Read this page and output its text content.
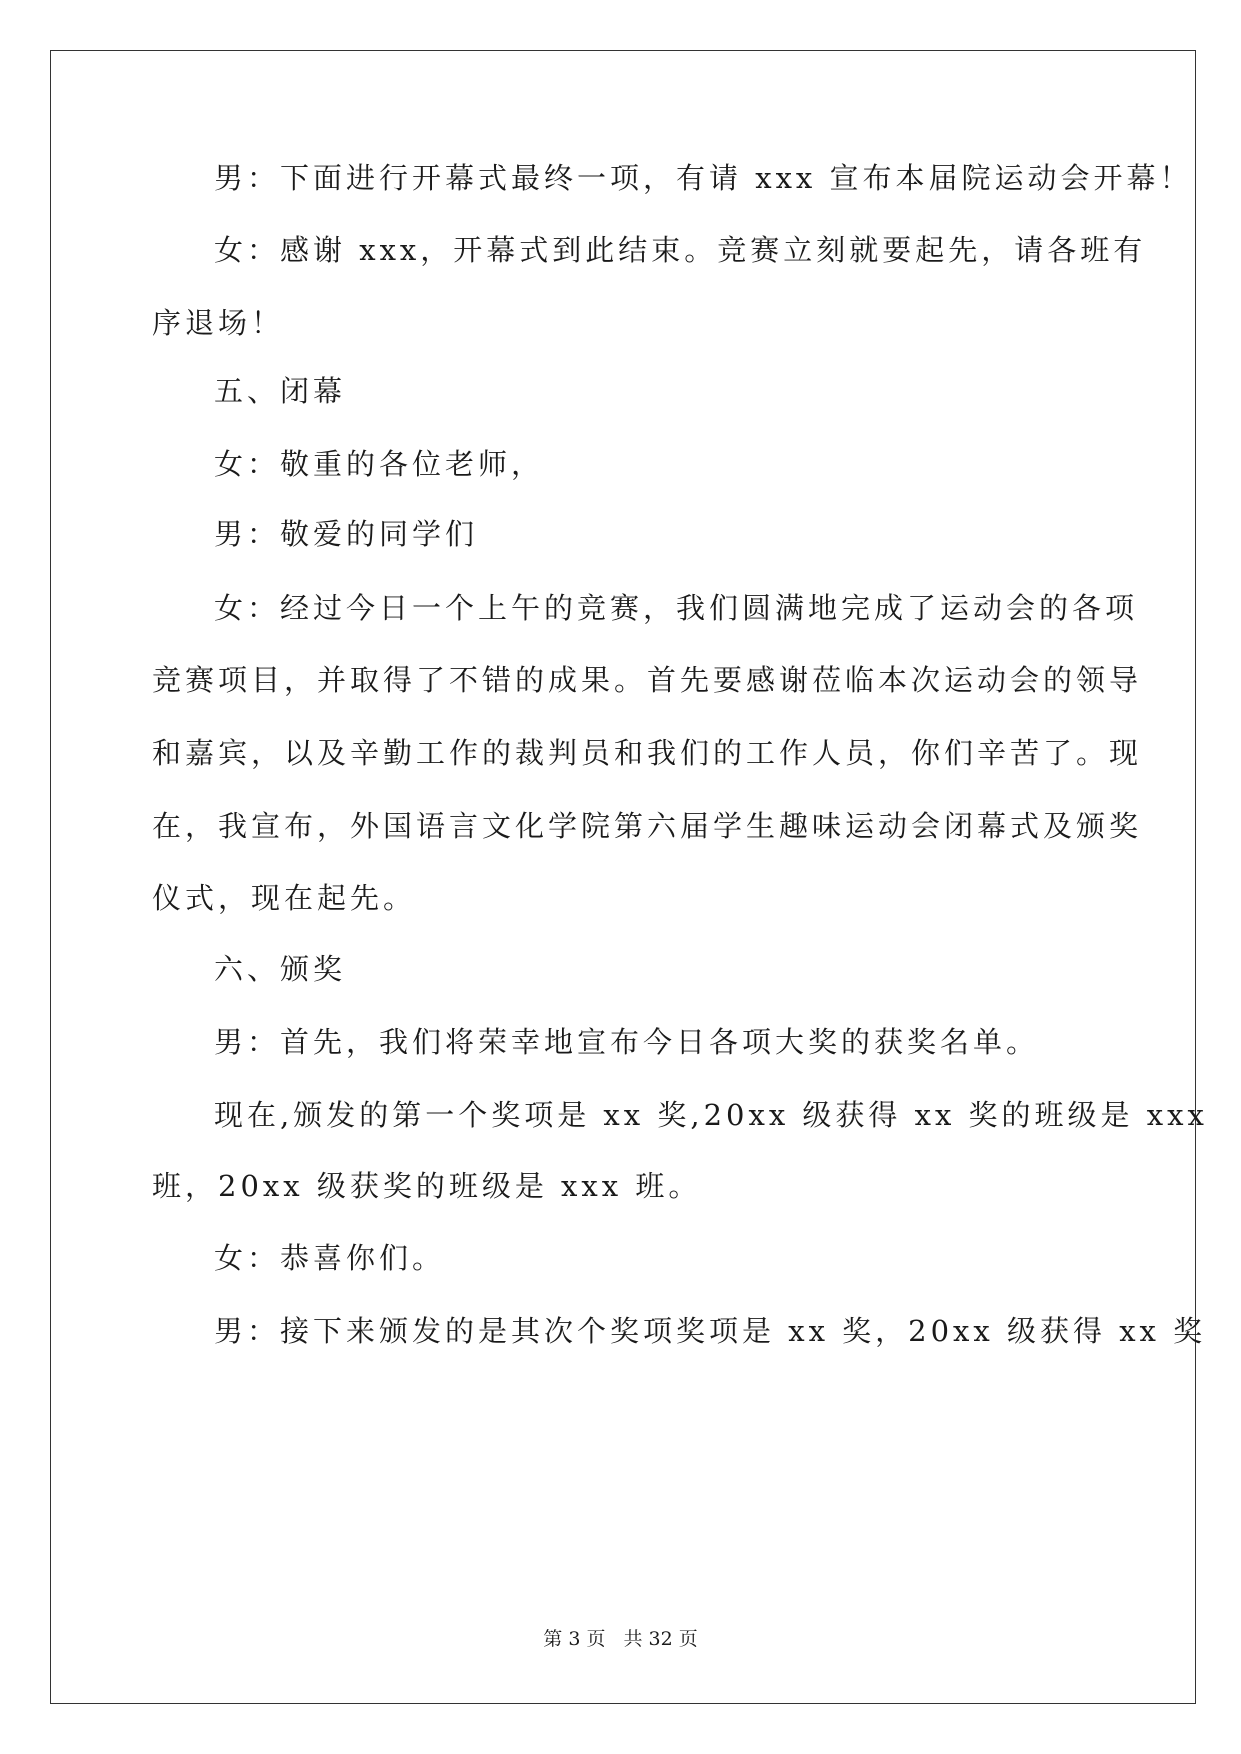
男：下面进行开幕式最终一项，有请 xxx 宣布本届院运动会开幕！
女：感谢 xxx，开幕式到此结束。竞赛立刻就要起先，请各班有
序退场！
五、闭幕
女：敬重的各位老师，
男：敬爱的同学们
女：经过今日一个上午的竞赛，我们圆满地完成了运动会的各项
竞赛项目，并取得了不错的成果。首先要感谢莅临本次运动会的领导
和嘉宾，以及辛勤工作的裁判员和我们的工作人员，你们辛苦了。现
在，我宣布，外国语言文化学院第六届学生趣味运动会闭幕式及颁奖
仪式，现在起先。
六、颁奖
男：首先，我们将荣幸地宣布今日各项大奖的获奖名单。
现在,颁发的第一个奖项是 xx 奖,20xx 级获得 xx 奖的班级是 xxx
班，20xx 级获奖的班级是 xxx 班。
女：恭喜你们。
男：接下来颁发的是其次个奖项奖项是 xx 奖，20xx 级获得 xx 奖
第 3 页 共 32 页
